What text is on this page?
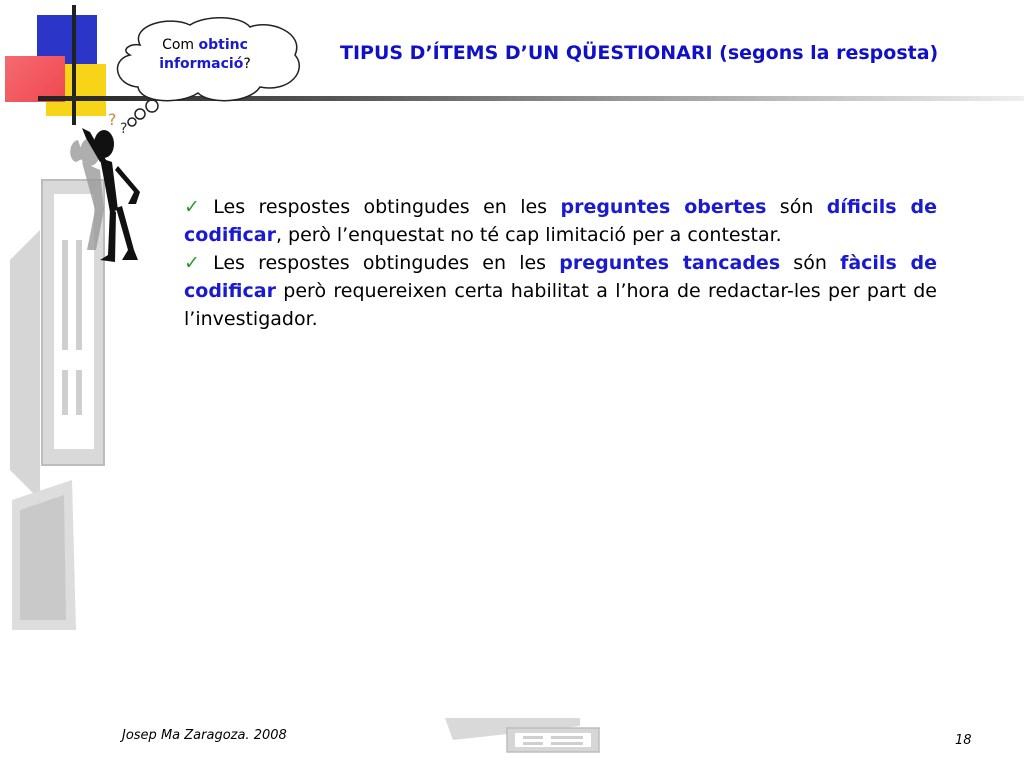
? ?
Com obtinc
informació?	TIPUS D’ÍTEMS D’UN QÜESTIONARI (segons la resposta)

✓ Les respostes obtingudes en les preguntes obertes són díficils de codificar, però l’enquestat no té cap limitació per a contestar.

✓ Les respostes obtingudes en les preguntes tancades són fàcils de codificar però requereixen certa habilitat a l’hora de redactar-les per part de l’investigador.

Josep Ma Zaragoza. 2008	18
